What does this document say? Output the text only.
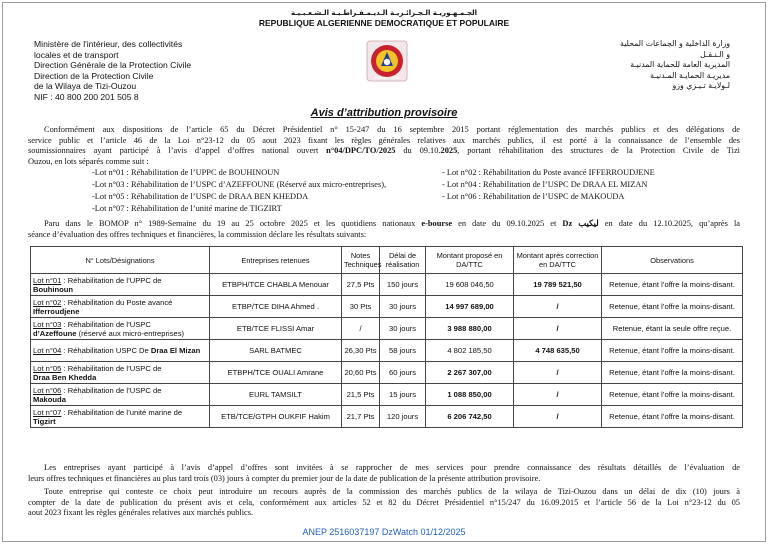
الجـمـهـوريـة الـجـزائـريـة الـديـمـقـراطـيـة الـشـعـبـيـة
REPUBLIQUE ALGERIENNE DEMOCRATIQUE ET POPULAIRE
Ministère de l'intérieur, des collectivités
locales et de transport
Direction Générale de la Protection Civile
Direction de la Protection Civile
de la Wilaya de Tizi-Ouzou
NIF : 40 800 200 201 505 8
وزارة الداخلية و الجماعات المحلية
و الـنـقـل
المديرية العامة للحماية المدنيـة
مديريـة الحمايـة المـدنيـة
لـولايـة تـيـزي وزو
Protection Civile
Avis d’attribution provisoire
Conformément aux dispositions de l’article 65 du Décret Présidentiel n° 15-247 du 16 septembre 2015 portant réglementation des marchés publics et des délégations de
service public et l’article 46 de la Loi n°23-12 du 05 aout 2023 fixant les règles générales relatives aux marchés publics, il est porté à la connaissance de l’ensemble des
soumissionnaires ayant participé à l’avis d’appel d’offres national ouvert n°04/DPC/TO/2025 du 09.10.2025, portant réhabilitation des structures de la Protection Civile de Tizi
Ouzou, en lots séparés comme suit :
-Lot n°01 : Réhabilitation de l’UPPC de BOUHINOUN	- Lot n°02 : Réhabilitation du Poste avancé IFFERROUDJENE
-Lot n°03 : Réhabilitation de l’USPC d’AZEFFOUNE (Réservé aux micro-entreprises),	- Lot n°04 : Réhabilitation de l’USPC De DRAA EL MIZAN
-Lot n°05 : Réhabilitation de l’USPC de DRAA BEN KHEDDA	- Lot n°06 : Réhabilitation de l’USPC de MAKOUDA
-Lot n°07 : Réhabilitation de l’unité marine de TIGZIRT
Paru dans le BOMOP n° 1989-Semaine du 19 au 25 octobre 2025 et les quotidiens nationaux e-bourse en date du 09.10.2025 et Dz ليكيب en date du 12.10.2025, qu’après la
séance d’évaluation des offres techniques et financières, la commission déclare les résultats suivants:
N° Lots/Désignations	Entreprises retenues	Notes Techniques	Délai de réalisation	Montant proposé en DA/TTC	Montant après correction en DA/TTC	Observations
Lot n°01 : Réhabilitation de l’UPPC de
Bouhinoun	ETBPH/TCE CHABLA Menouar	27,5 Pts	150 jours	19 608 046,50	19 789 521,50	Retenue, étant l’offre la moins-disant.
Lot n°02 : Réhabilitation du Poste avancé
Ifferroudjene	ETBP/TCE DIHA Ahmed .	30 Pts	30 jours	14 997 689,00	/	Retenue, étant l’offre la moins-disant.
Lot n°03 : Réhabilitation de l’USPC
d’Azeffoune (réservé aux micro-entreprises)	ETB/TCE FLISSI Amar	/	30 jours	3 988 880,00	/	Retenue, étant la seule offre reçue.
Lot n°04 : Réhabilitation USPC De Draa El Mizan	SARL BATMEC	26,30 Pts	58 jours	4 802 185,50	4 748 635,50	Retenue, étant l’offre la moins-disant.
Lot n°05 : Réhabilitation de l’USPC de
Draa Ben Khedda	ETBPH/TCE OUALI Amrane	20,60 Pts	60 jours	2 267 307,00	/	Retenue, étant l’offre la moins-disant.
Lot n°06 : Réhabilitation de l’USPC de
Makouda	EURL TAMSILT	21,5 Pts	15 jours	1 088 850,00	/	Retenue, étant l’offre la moins-disant.
Lot n°07 : Réhabilitation de l’unité marine de
Tigzirt	ETB/TCE/GTPH OUKFIF Hakim	21,7 Pts	120 jours	6 206 742,50	/	Retenue, étant l’offre la moins-disant.
Les entreprises ayant participé à l’avis d’appel d’offres sont invitées à se rapprocher de mes services pour prendre connaissance des résultats détaillés de l’évaluation de
leurs offres techniques et financières au plus tard trois (03) jours à compter du premier jour de la date de publication de la présente attribution provisoire.
Toute entreprise qui conteste ce choix peut introduire un recours auprès de la commission des marchés publics de la wilaya de Tizi-Ouzou dans un délai de dix (10) jours à
compter de la date de publication du présent avis et cela, conformément aux articles 52 et 82 du Décret Présidentiel n°15/247 du 16.09.2015 et l’article 56 de la Loi n°23-12 du 05
aout 2023 fixant les règles générales relatives aux marchés publics.
ANEP 2516037197 DzWatch 01/12/2025
